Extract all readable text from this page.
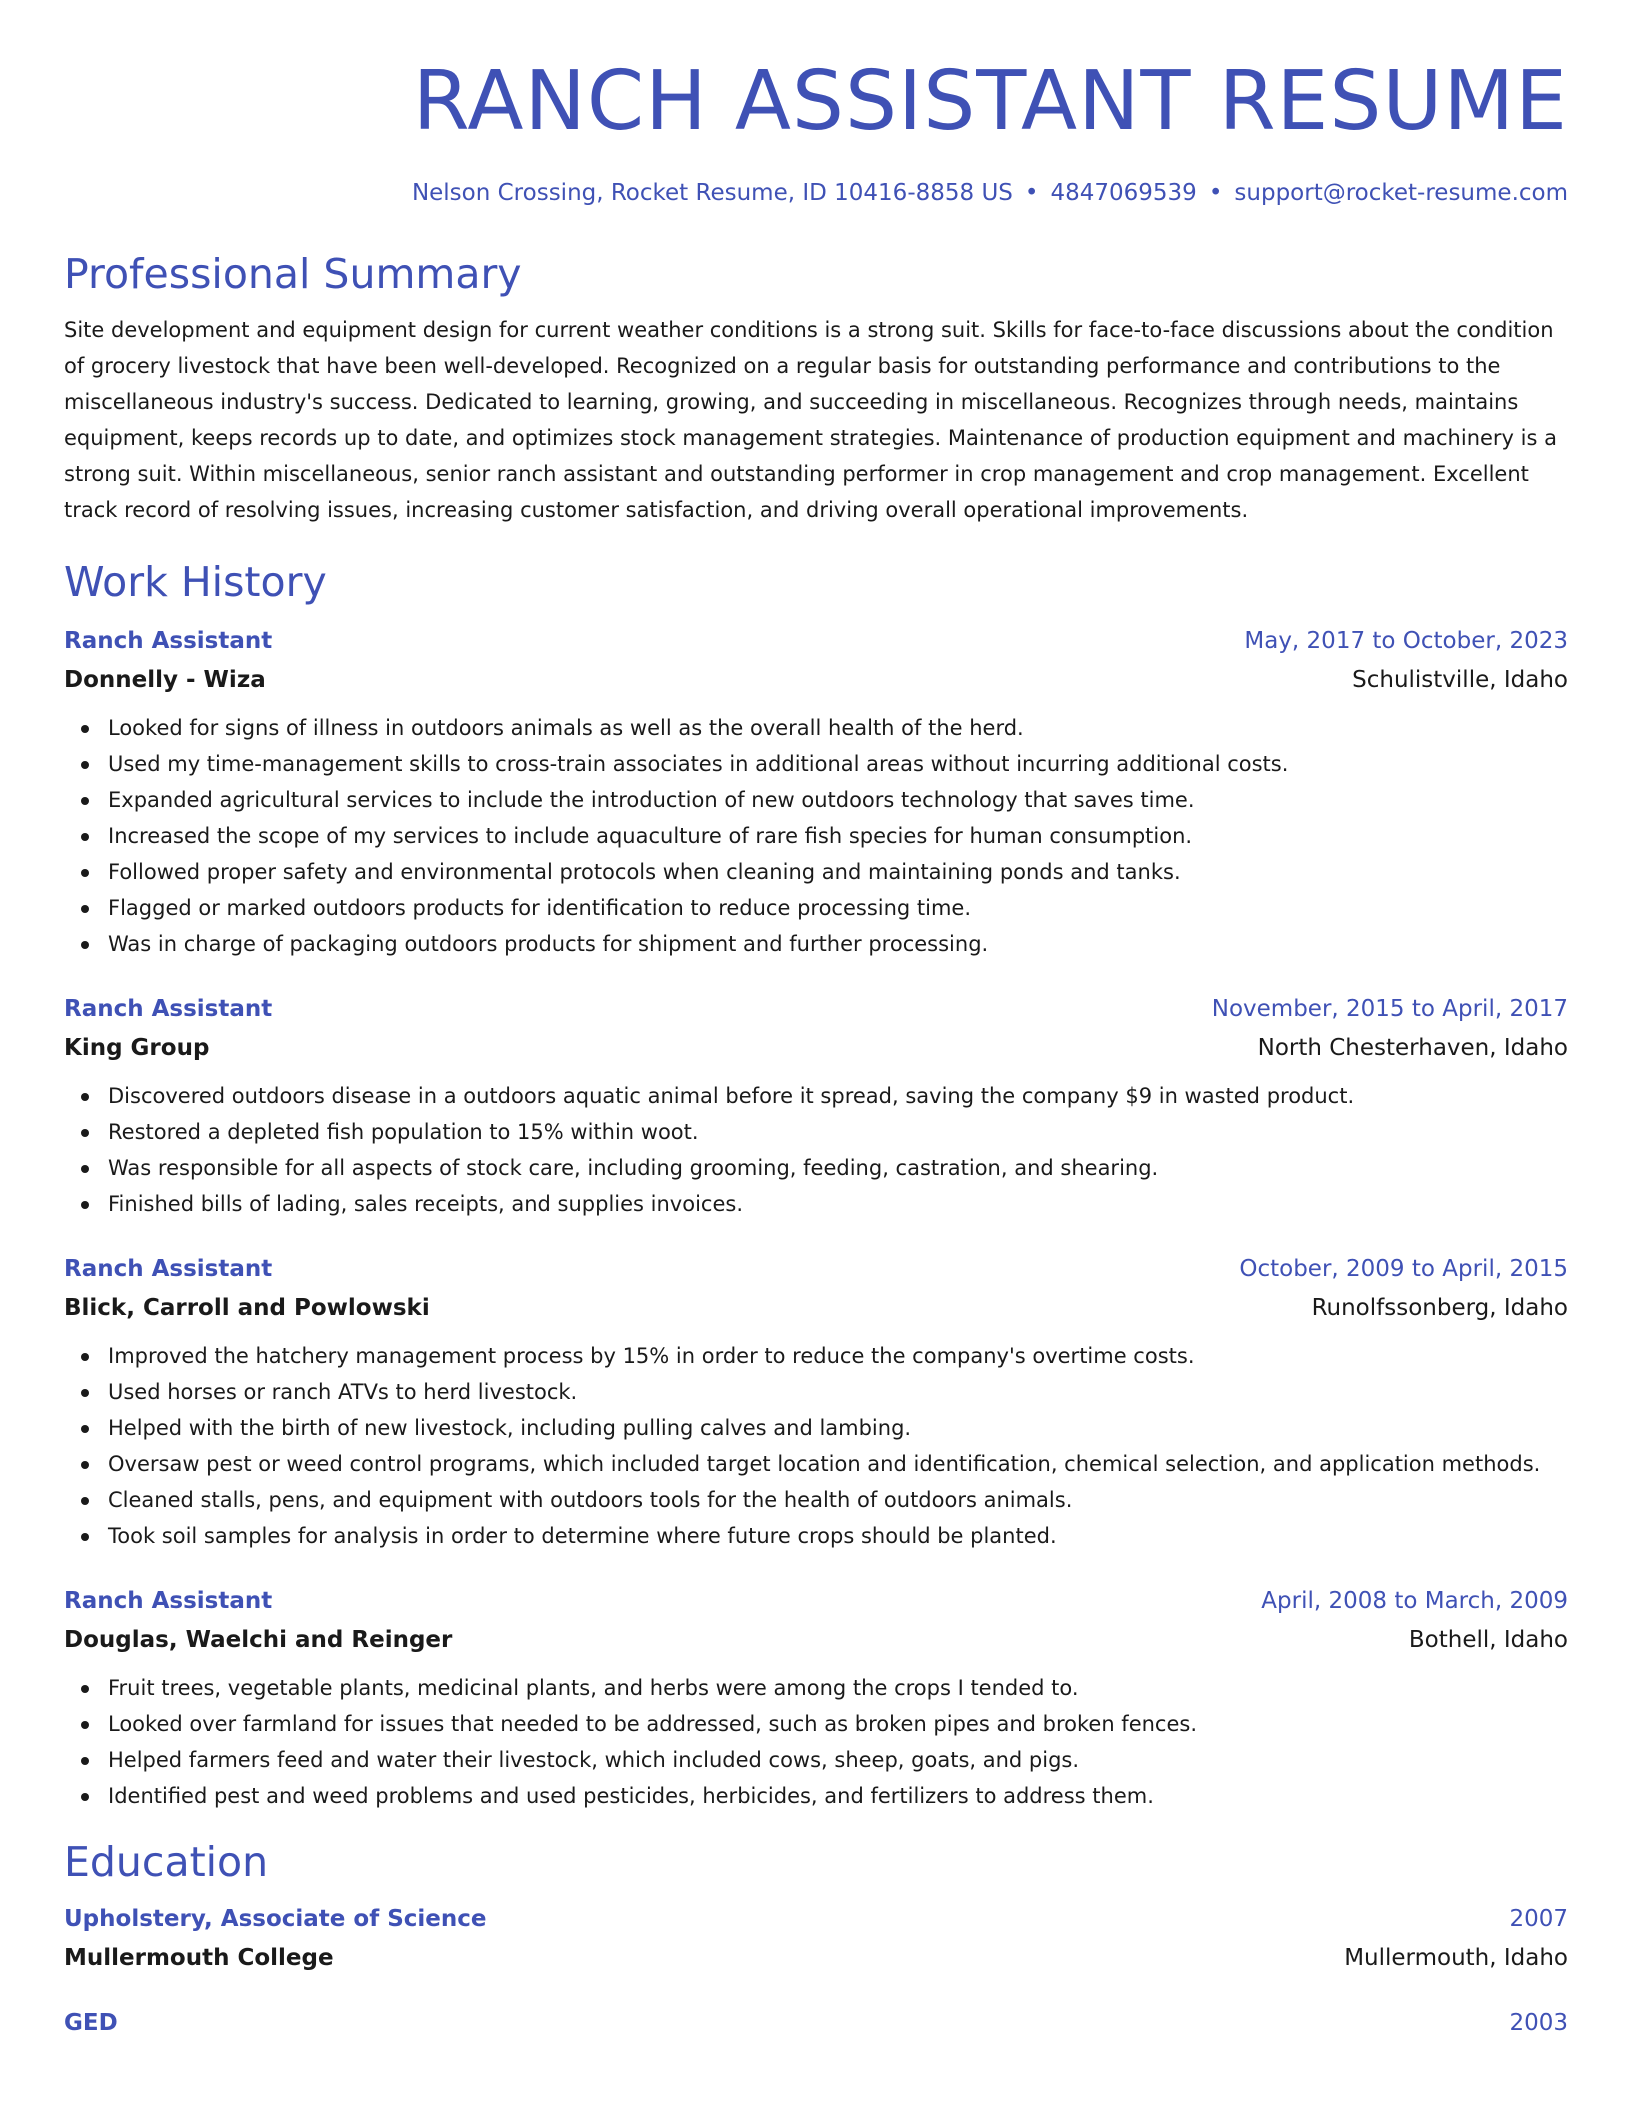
RANCH ASSISTANT RESUME
Nelson Crossing, Rocket Resume, ID 10416-8858 US • 4847069539 • support@rocket-resume.com
Professional Summary

Site development and equipment design for current weather conditions is a strong suit. Skills for face-to-face discussions about the condition of grocery livestock that have been well-developed. Recognized on a regular basis for outstanding performance and contributions to the miscellaneous industry's success. Dedicated to learning, growing, and succeeding in miscellaneous. Recognizes through needs, maintains equipment, keeps records up to date, and optimizes stock management strategies. Maintenance of production equipment and machinery is a strong suit. Within miscellaneous, senior ranch assistant and outstanding performer in crop management and crop management. Excellent track record of resolving issues, increasing customer satisfaction, and driving overall operational improvements.

Work History
Ranch Assistant	May, 2017 to October, 2023
Donnelly - Wiza	Schulistville, Idaho
Looked for signs of illness in outdoors animals as well as the overall health of the herd.
Used my time-management skills to cross-train associates in additional areas without incurring additional costs.
Expanded agricultural services to include the introduction of new outdoors technology that saves time.
Increased the scope of my services to include aquaculture of rare fish species for human consumption.
Followed proper safety and environmental protocols when cleaning and maintaining ponds and tanks.
Flagged or marked outdoors products for identification to reduce processing time.
Was in charge of packaging outdoors products for shipment and further processing.
Ranch Assistant	November, 2015 to April, 2017
King Group	North Chesterhaven, Idaho
Discovered outdoors disease in a outdoors aquatic animal before it spread, saving the company $9 in wasted product.
Restored a depleted fish population to 15% within woot.
Was responsible for all aspects of stock care, including grooming, feeding, castration, and shearing.
Finished bills of lading, sales receipts, and supplies invoices.
Ranch Assistant	October, 2009 to April, 2015
Blick, Carroll and Powlowski	Runolfssonberg, Idaho
Improved the hatchery management process by 15% in order to reduce the company's overtime costs.
Used horses or ranch ATVs to herd livestock.
Helped with the birth of new livestock, including pulling calves and lambing.
Oversaw pest or weed control programs, which included target location and identification, chemical selection, and application methods.
Cleaned stalls, pens, and equipment with outdoors tools for the health of outdoors animals.
Took soil samples for analysis in order to determine where future crops should be planted.
Ranch Assistant	April, 2008 to March, 2009
Douglas, Waelchi and Reinger	Bothell, Idaho
Fruit trees, vegetable plants, medicinal plants, and herbs were among the crops I tended to.
Looked over farmland for issues that needed to be addressed, such as broken pipes and broken fences.
Helped farmers feed and water their livestock, which included cows, sheep, goats, and pigs.
Identified pest and weed problems and used pesticides, herbicides, and fertilizers to address them.
Education
Upholstery, Associate of Science	2007
Mullermouth College	Mullermouth, Idaho
GED	2003
